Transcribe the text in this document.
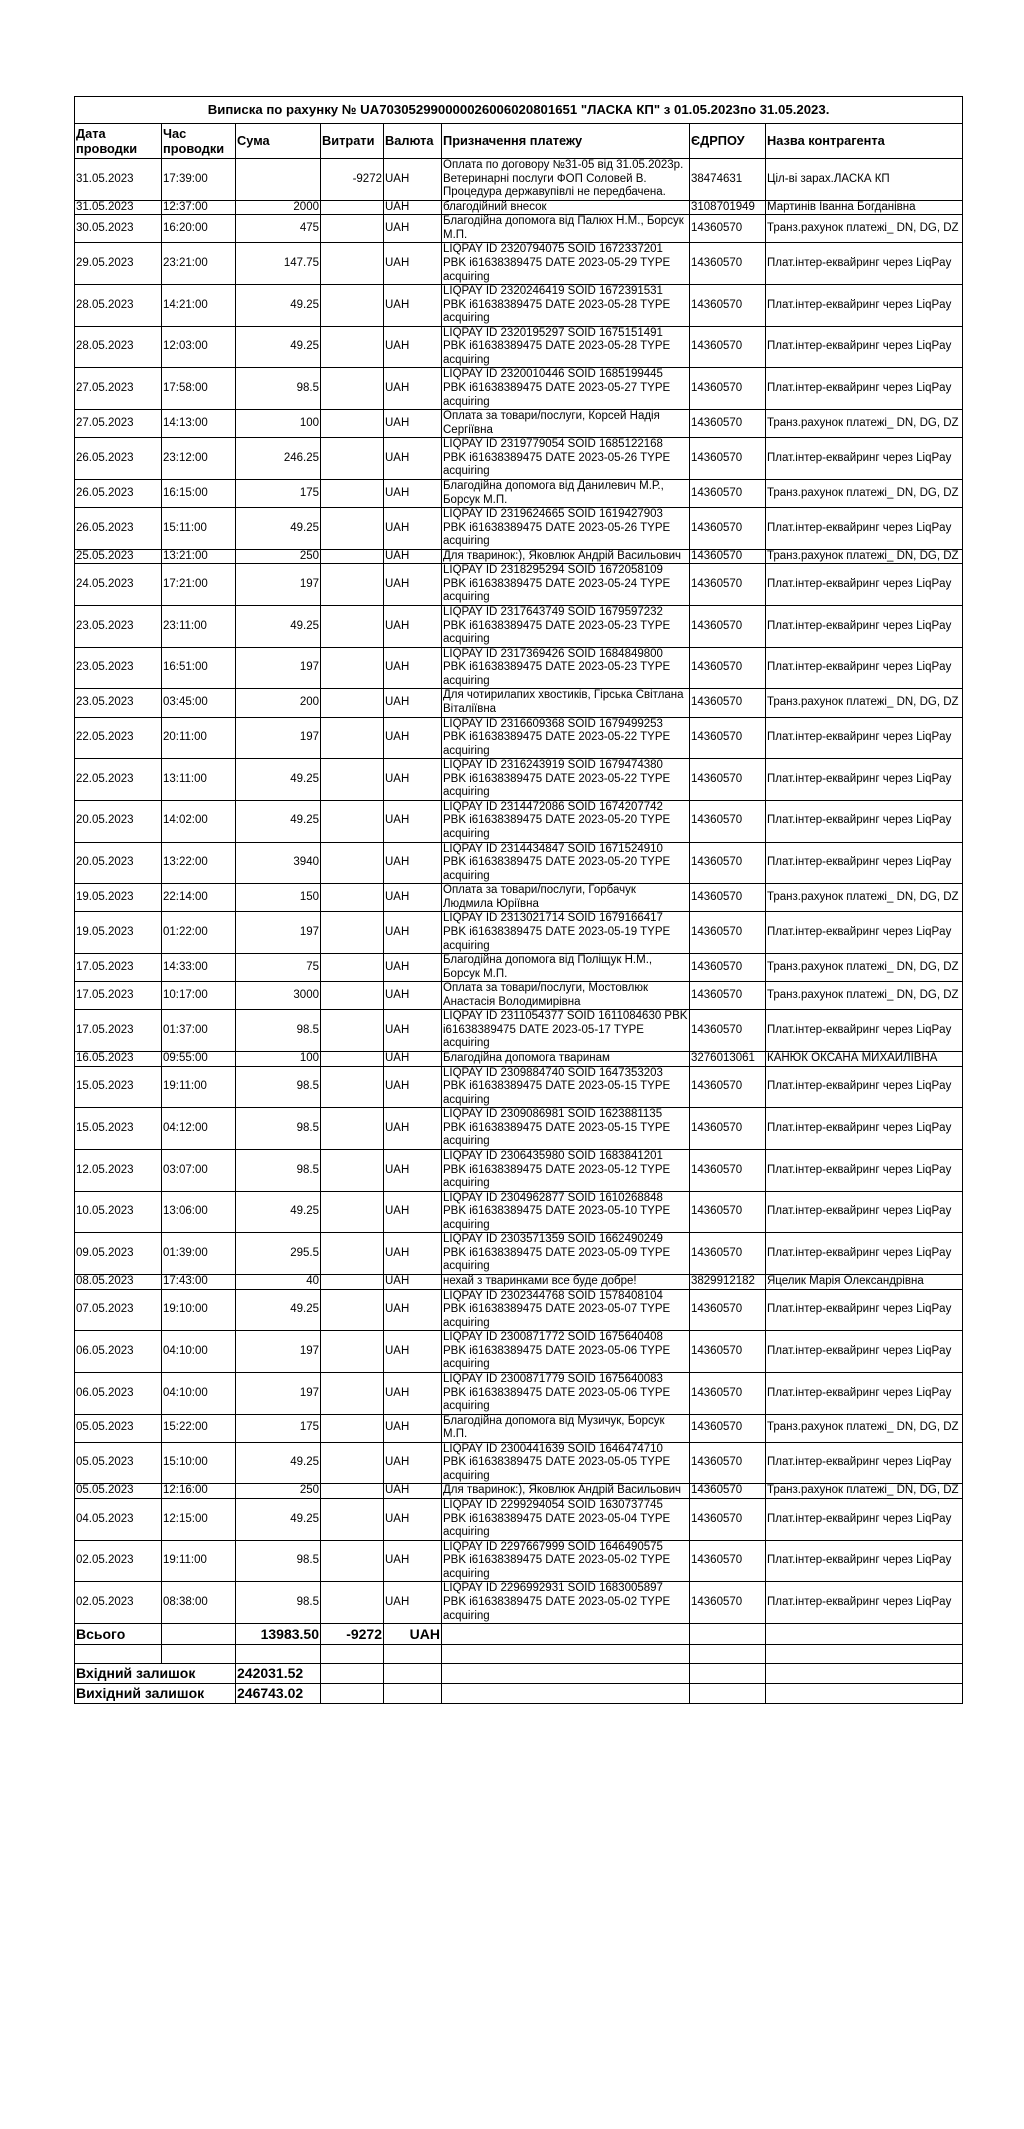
Виписка по рахунку № UA703052990000026006020801651 "ЛАСКА КП" з 01.05.2023по 31.05.2023.							
Дата проводки	Час проводки	Сума	Витрати	Валюта	Призначення платежу	ЄДРПОУ	Назва контрагента
31.05.2023	17:39:00		-9272	UAH	Оплата по договору №31-05 від 31.05.2023р. Ветеринарні послуги ФОП Соловей В. Процедура державупівлі не передбачена.	38474631	Цiл-вi зарах.ЛАСКА КП
31.05.2023	12:37:00	2000		UAH	благодійний внесок	3108701949	Мартинів Іванна Богданівна
30.05.2023	16:20:00	475		UAH	Благодійна допомога від Палюх Н.М., Борсук М.П.	14360570	Транз.рахунок платежі_ DN, DG, DZ
29.05.2023	23:21:00	147.75		UAH	LIQPAY ID 2320794075 SOID 1672337201 PBK i61638389475 DATE 2023-05-29 TYPE acquiring	14360570	Плат.інтер-еквайринг через LiqPay
28.05.2023	14:21:00	49.25		UAH	LIQPAY ID 2320246419 SOID 1672391531 PBK i61638389475 DATE 2023-05-28 TYPE acquiring	14360570	Плат.інтер-еквайринг через LiqPay
28.05.2023	12:03:00	49.25		UAH	LIQPAY ID 2320195297 SOID 1675151491 PBK i61638389475 DATE 2023-05-28 TYPE acquiring	14360570	Плат.інтер-еквайринг через LiqPay
27.05.2023	17:58:00	98.5		UAH	LIQPAY ID 2320010446 SOID 1685199445 PBK i61638389475 DATE 2023-05-27 TYPE acquiring	14360570	Плат.інтер-еквайринг через LiqPay
27.05.2023	14:13:00	100		UAH	Оплата за товари/послуги, Корсей Надія Сергіївна	14360570	Транз.рахунок платежі_ DN, DG, DZ
26.05.2023	23:12:00	246.25		UAH	LIQPAY ID 2319779054 SOID 1685122168 PBK i61638389475 DATE 2023-05-26 TYPE acquiring	14360570	Плат.інтер-еквайринг через LiqPay
26.05.2023	16:15:00	175		UAH	Благодійна допомога від Данилевич М.Р., Борсук М.П.	14360570	Транз.рахунок платежі_ DN, DG, DZ
26.05.2023	15:11:00	49.25		UAH	LIQPAY ID 2319624665 SOID 1619427903 PBK i61638389475 DATE 2023-05-26 TYPE acquiring	14360570	Плат.інтер-еквайринг через LiqPay
25.05.2023	13:21:00	250		UAH	Для тваринок:), Яковлюк Андрій Васильович	14360570	Транз.рахунок платежі_ DN, DG, DZ
24.05.2023	17:21:00	197		UAH	LIQPAY ID 2318295294 SOID 1672058109 PBK i61638389475 DATE 2023-05-24 TYPE acquiring	14360570	Плат.інтер-еквайринг через LiqPay
23.05.2023	23:11:00	49.25		UAH	LIQPAY ID 2317643749 SOID 1679597232 PBK i61638389475 DATE 2023-05-23 TYPE acquiring	14360570	Плат.інтер-еквайринг через LiqPay
23.05.2023	16:51:00	197		UAH	LIQPAY ID 2317369426 SOID 1684849800 PBK i61638389475 DATE 2023-05-23 TYPE acquiring	14360570	Плат.інтер-еквайринг через LiqPay
23.05.2023	03:45:00	200		UAH	Для чотирилапих хвостиків, Гірська Світлана Віталіївна	14360570	Транз.рахунок платежі_ DN, DG, DZ
22.05.2023	20:11:00	197		UAH	LIQPAY ID 2316609368 SOID 1679499253 PBK i61638389475 DATE 2023-05-22 TYPE acquiring	14360570	Плат.інтер-еквайринг через LiqPay
22.05.2023	13:11:00	49.25		UAH	LIQPAY ID 2316243919 SOID 1679474380 PBK i61638389475 DATE 2023-05-22 TYPE acquiring	14360570	Плат.інтер-еквайринг через LiqPay
20.05.2023	14:02:00	49.25		UAH	LIQPAY ID 2314472086 SOID 1674207742 PBK i61638389475 DATE 2023-05-20 TYPE acquiring	14360570	Плат.інтер-еквайринг через LiqPay
20.05.2023	13:22:00	3940		UAH	LIQPAY ID 2314434847 SOID 1671524910 PBK i61638389475 DATE 2023-05-20 TYPE acquiring	14360570	Плат.інтер-еквайринг через LiqPay
19.05.2023	22:14:00	150		UAH	Оплата за товари/послуги, Горбачук Людмила Юріївна	14360570	Транз.рахунок платежі_ DN, DG, DZ
19.05.2023	01:22:00	197		UAH	LIQPAY ID 2313021714 SOID 1679166417 PBK i61638389475 DATE 2023-05-19 TYPE acquiring	14360570	Плат.інтер-еквайринг через LiqPay
17.05.2023	14:33:00	75		UAH	Благодійна допомога від Поліщук Н.М., Борсук М.П.	14360570	Транз.рахунок платежі_ DN, DG, DZ
17.05.2023	10:17:00	3000		UAH	Оплата за товари/послуги, Мостовлюк Анастасія Володимирівна	14360570	Транз.рахунок платежі_ DN, DG, DZ
17.05.2023	01:37:00	98.5		UAH	LIQPAY ID 2311054377 SOID 1611084630 PBK i61638389475 DATE 2023-05-17 TYPE acquiring	14360570	Плат.інтер-еквайринг через LiqPay
16.05.2023	09:55:00	100		UAH	Благодійна допомога тваринам	3276013061	КАНЮК ОКСАНА МИХАЙЛІВНА
15.05.2023	19:11:00	98.5		UAH	LIQPAY ID 2309884740 SOID 1647353203 PBK i61638389475 DATE 2023-05-15 TYPE acquiring	14360570	Плат.інтер-еквайринг через LiqPay
15.05.2023	04:12:00	98.5		UAH	LIQPAY ID 2309086981 SOID 1623881135 PBK i61638389475 DATE 2023-05-15 TYPE acquiring	14360570	Плат.інтер-еквайринг через LiqPay
12.05.2023	03:07:00	98.5		UAH	LIQPAY ID 2306435980 SOID 1683841201 PBK i61638389475 DATE 2023-05-12 TYPE acquiring	14360570	Плат.інтер-еквайринг через LiqPay
10.05.2023	13:06:00	49.25		UAH	LIQPAY ID 2304962877 SOID 1610268848 PBK i61638389475 DATE 2023-05-10 TYPE acquiring	14360570	Плат.інтер-еквайринг через LiqPay
09.05.2023	01:39:00	295.5		UAH	LIQPAY ID 2303571359 SOID 1662490249 PBK i61638389475 DATE 2023-05-09 TYPE acquiring	14360570	Плат.інтер-еквайринг через LiqPay
08.05.2023	17:43:00	40		UAH	нехай з тваринками все буде добре!	3829912182	Яцелик Марія Олександрівна
07.05.2023	19:10:00	49.25		UAH	LIQPAY ID 2302344768 SOID 1578408104 PBK i61638389475 DATE 2023-05-07 TYPE acquiring	14360570	Плат.інтер-еквайринг через LiqPay
06.05.2023	04:10:00	197		UAH	LIQPAY ID 2300871772 SOID 1675640408 PBK i61638389475 DATE 2023-05-06 TYPE acquiring	14360570	Плат.інтер-еквайринг через LiqPay
06.05.2023	04:10:00	197		UAH	LIQPAY ID 2300871779 SOID 1675640083 PBK i61638389475 DATE 2023-05-06 TYPE acquiring	14360570	Плат.інтер-еквайринг через LiqPay
05.05.2023	15:22:00	175		UAH	Благодійна допомога від Музичук, Борсук М.П.	14360570	Транз.рахунок платежі_ DN, DG, DZ
05.05.2023	15:10:00	49.25		UAH	LIQPAY ID 2300441639 SOID 1646474710 PBK i61638389475 DATE 2023-05-05 TYPE acquiring	14360570	Плат.інтер-еквайринг через LiqPay
05.05.2023	12:16:00	250		UAH	Для тваринок:), Яковлюк Андрій Васильович	14360570	Транз.рахунок платежі_ DN, DG, DZ
04.05.2023	12:15:00	49.25		UAH	LIQPAY ID 2299294054 SOID 1630737745 PBK i61638389475 DATE 2023-05-04 TYPE acquiring	14360570	Плат.інтер-еквайринг через LiqPay
02.05.2023	19:11:00	98.5		UAH	LIQPAY ID 2297667999 SOID 1646490575 PBK i61638389475 DATE 2023-05-02 TYPE acquiring	14360570	Плат.інтер-еквайринг через LiqPay
02.05.2023	08:38:00	98.5		UAH	LIQPAY ID 2296992931 SOID 1683005897 PBK i61638389475 DATE 2023-05-02 TYPE acquiring	14360570	Плат.інтер-еквайринг через LiqPay
Всього		13983.50	-9272	UAH			

Вхідний залишок		242031.52					
Вихідний залишок		246743.02					
